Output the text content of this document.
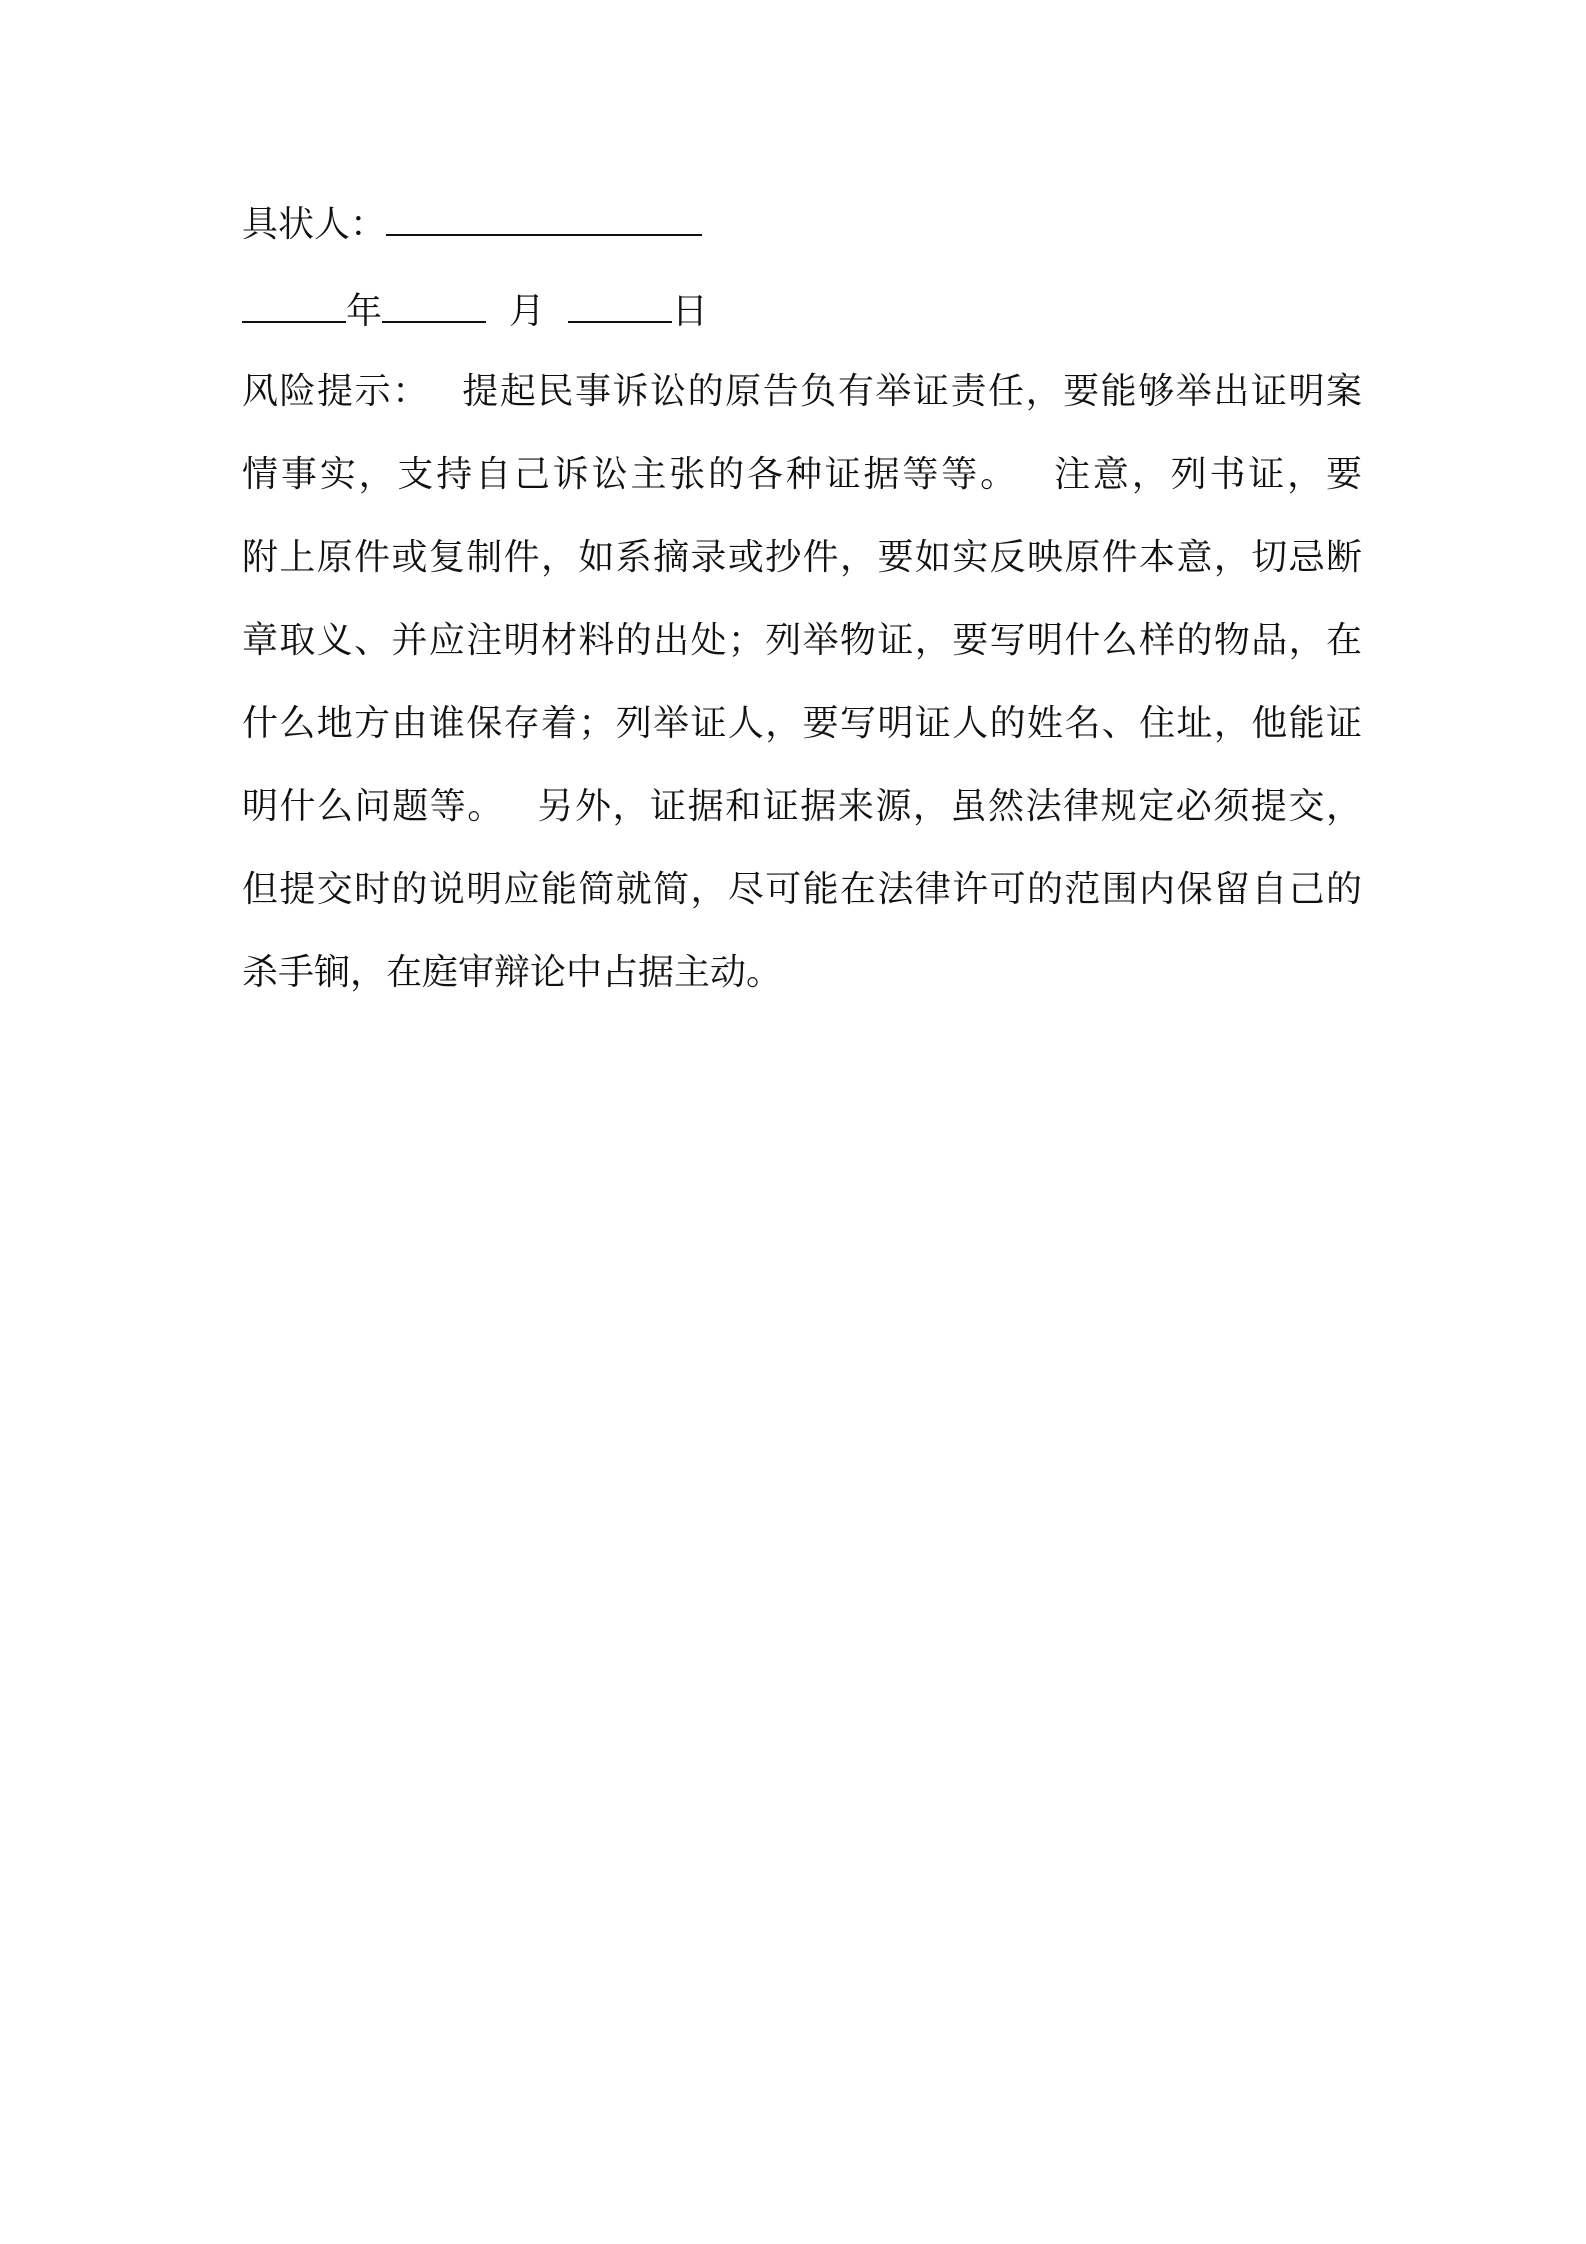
具状人：
年	月	日
风险提示：　 提起民事诉讼的原告负有举证责任，要能够举出证明案
情事实，支持自己诉讼主张的各种证据等等。　 注意，列书证，要
附上原件或复制件，如系摘录或抄件，要如实反映原件本意，切忌断
章取义、并应注明材料的出处；列举物证，要写明什么样的物品，在
什么地方由谁保存着；列举证人，要写明证人的姓名、住址，他能证
明什么问题等。　 另外，证据和证据来源，虽然法律规定必须提交，
但提交时的说明应能简就简，尽可能在法律许可的范围内保留自己的
杀手锏，在庭审辩论中占据主动。
